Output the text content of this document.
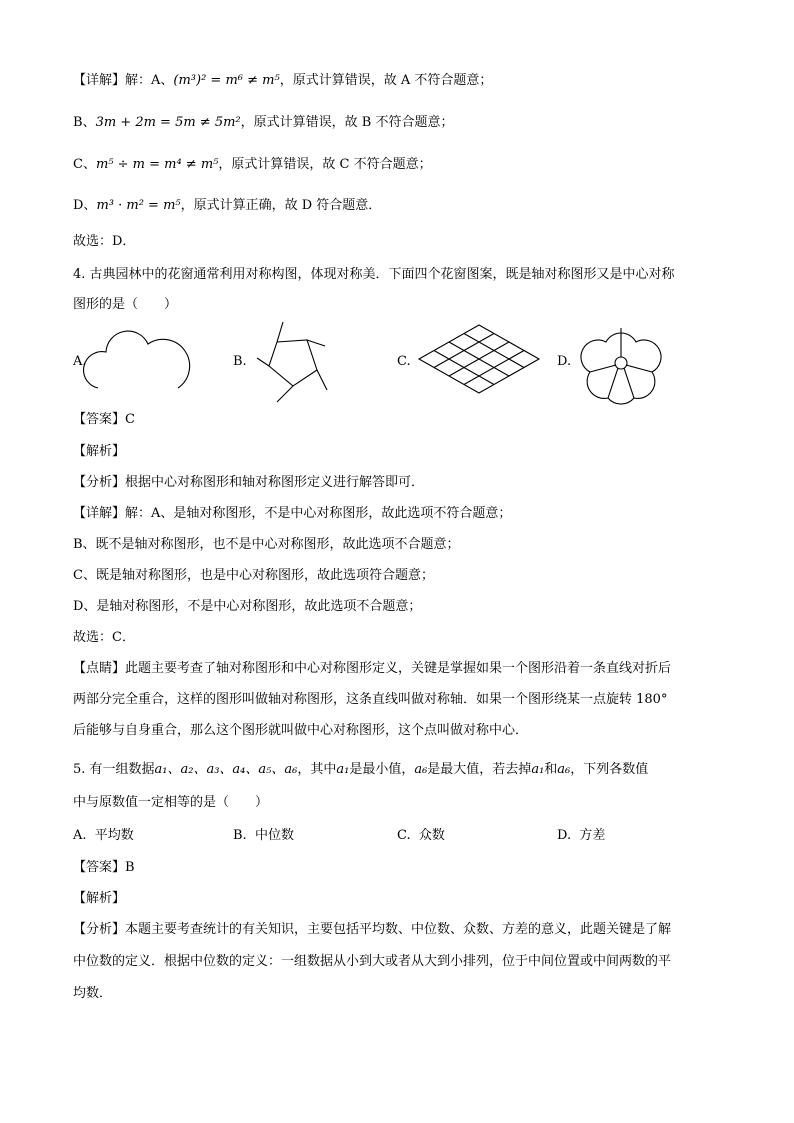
【详解】解：A、(m³)² = m⁶ ≠ m⁵，原式计算错误，故 A 不符合题意；
B、3m + 2m = 5m ≠ 5m²，原式计算错误，故 B 不符合题意；
C、m⁵ ÷ m = m⁴ ≠ m⁵，原式计算错误，故 C 不符合题意；
D、m³ · m² = m⁵，原式计算正确，故 D 符合题意．
故选：D．
4. 古典园林中的花窗通常利用对称构图，体现对称美．下面四个花窗图案，既是轴对称图形又是中心对称
图形的是（　　）
A.	B.	C.	D.
【答案】C
【解析】
【分析】根据中心对称图形和轴对称图形定义进行解答即可．
【详解】解：A、是轴对称图形，不是中心对称图形，故此选项不符合题意；
B、既不是轴对称图形，也不是中心对称图形，故此选项不合题意；
C、既是轴对称图形，也是中心对称图形，故此选项符合题意；
D、是轴对称图形，不是中心对称图形，故此选项不合题意；
故选：C．
【点睛】此题主要考查了轴对称图形和中心对称图形定义，关键是掌握如果一个图形沿着一条直线对折后
两部分完全重合，这样的图形叫做轴对称图形，这条直线叫做对称轴．如果一个图形绕某一点旋转 180°
后能够与自身重合，那么这个图形就叫做中心对称图形，这个点叫做对称中心．
5. 有一组数据a₁、a₂、a₃、a₄、a₅、a₆，其中a₁是最小值，a₆是最大值，若去掉a₁和a₆，下列各数值
中与原数值一定相等的是（　　）
A. 平均数	B. 中位数	C. 众数	D. 方差
【答案】B
【解析】
【分析】本题主要考查统计的有关知识，主要包括平均数、中位数、众数、方差的意义，此题关键是了解
中位数的定义．根据中位数的定义：一组数据从小到大或者从大到小排列，位于中间位置或中间两数的平
均数．
